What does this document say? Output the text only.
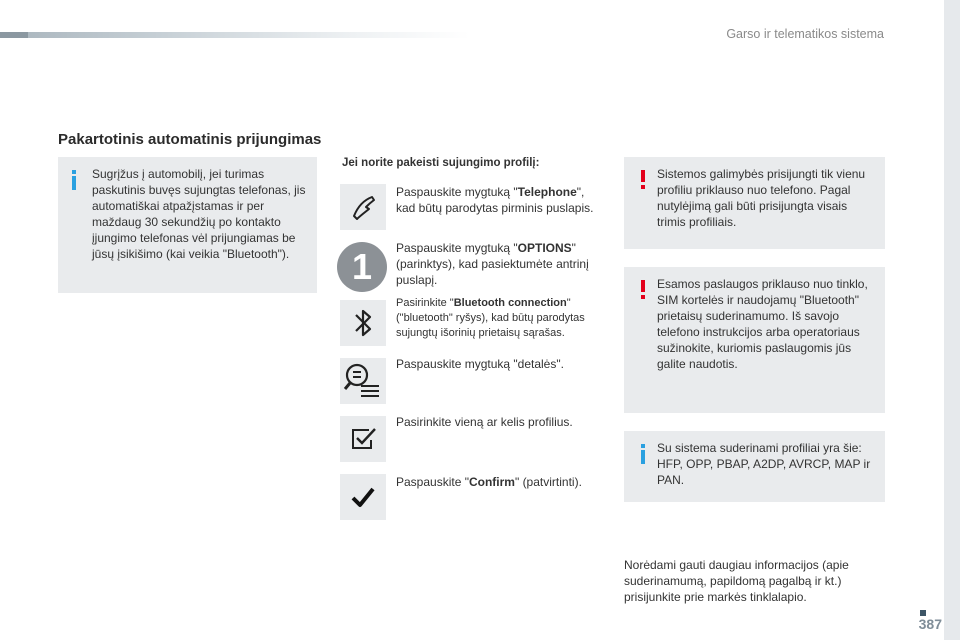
Garso ir telematikos sistema
Pakartotinis automatinis prijungimas
Sugrįžus į automobilį, jei turimas paskutinis buvęs sujungtas telefonas, jis automatiškai atpažįstamas ir per maždaug 30 sekundžių po kontakto įjungimo telefonas vėl prijungiamas be jūsų įsikišimo (kai veikia "Bluetooth").
Jei norite pakeisti sujungimo profilį:
Paspauskite mygtuką "Telephone", kad būtų parodytas pirminis puslapis.
1	Paspauskite mygtuką "OPTIONS" (parinktys), kad pasiektumėte antrinį puslapį.
Pasirinkite "Bluetooth connection" ("bluetooth" ryšys), kad būtų parodytas sujungtų išorinių prietaisų sąrašas.
Paspauskite mygtuką "detalės".
Pasirinkite vieną ar kelis profilius.
Paspauskite "Confirm" (patvirtinti).
Sistemos galimybės prisijungti tik vienu profiliu priklauso nuo telefono. Pagal nutylėjimą gali būti prisijungta visais trimis profiliais.
Esamos paslaugos priklauso nuo tinklo, SIM kortelės ir naudojamų "Bluetooth" prietaisų suderinamumo. Iš savojo telefono instrukcijos arba operatoriaus sužinokite, kuriomis paslaugomis jūs galite naudotis.
Su sistema suderinami profiliai yra šie: HFP, OPP, PBAP, A2DP, AVRCP, MAP ir PAN.
Norėdami gauti daugiau informacijos (apie suderinamumą, papildomą pagalbą ir kt.) prisijunkite prie markės tinklalapio.
387
